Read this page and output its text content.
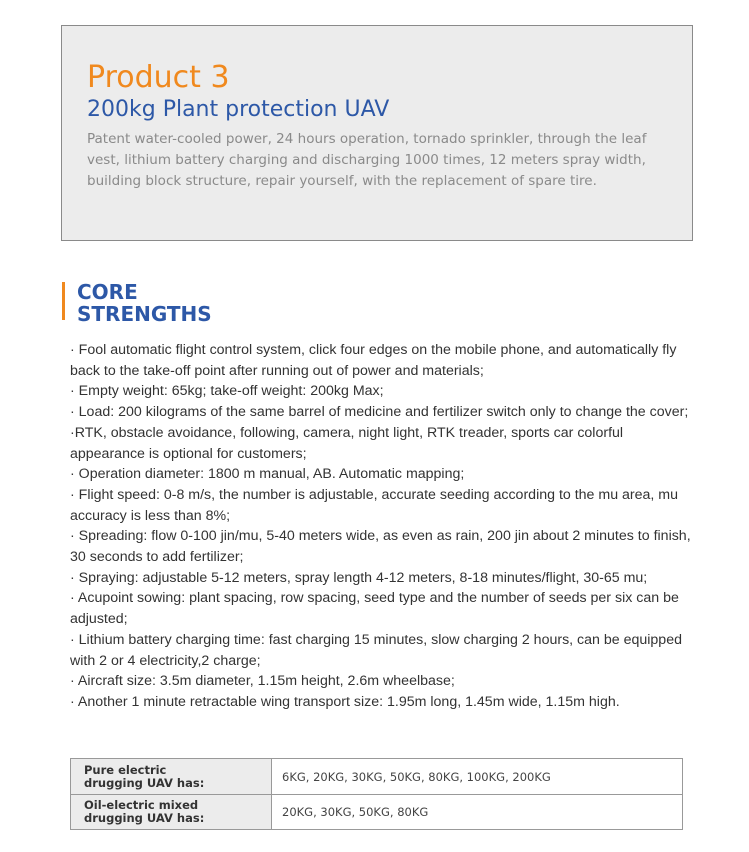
Product 3
200kg Plant protection UAV
Patent water-cooled power, 24 hours operation, tornado sprinkler, through the leaf vest, lithium battery charging and discharging 1000 times, 12 meters spray width, building block structure, repair yourself, with the replacement of spare tire.
CORE
STRENGTHS
· Fool automatic flight control system, click four edges on the mobile phone, and automatically fly back to the take-off point after running out of power and materials;
· Empty weight: 65kg; take-off weight: 200kg Max;
· Load: 200 kilograms of the same barrel of medicine and fertilizer switch only to change the cover;
·RTK, obstacle avoidance, following, camera, night light, RTK treader, sports car colorful appearance is optional for customers;
· Operation diameter: 1800 m manual, AB. Automatic mapping;
· Flight speed: 0-8 m/s, the number is adjustable, accurate seeding according to the mu area, mu accuracy is less than 8%;
· Spreading: flow 0-100 jin/mu, 5-40 meters wide, as even as rain, 200 jin about 2 minutes to finish, 30 seconds to add fertilizer;
· Spraying: adjustable 5-12 meters, spray length 4-12 meters, 8-18 minutes/flight, 30-65 mu;
· Acupoint sowing: plant spacing, row spacing, seed type and the number of seeds per six can be adjusted;
· Lithium battery charging time: fast charging 15 minutes, slow charging 2 hours, can be equipped with 2 or 4 electricity,2 charge;
· Aircraft size: 3.5m diameter, 1.15m height, 2.6m wheelbase;
· Another 1 minute retractable wing transport size: 1.95m long, 1.45m wide, 1.15m high.
Pure electric
drugging UAV has:	6KG, 20KG, 30KG, 50KG, 80KG, 100KG, 200KG

Oil-electric mixed
drugging UAV has:	20KG, 30KG, 50KG, 80KG
